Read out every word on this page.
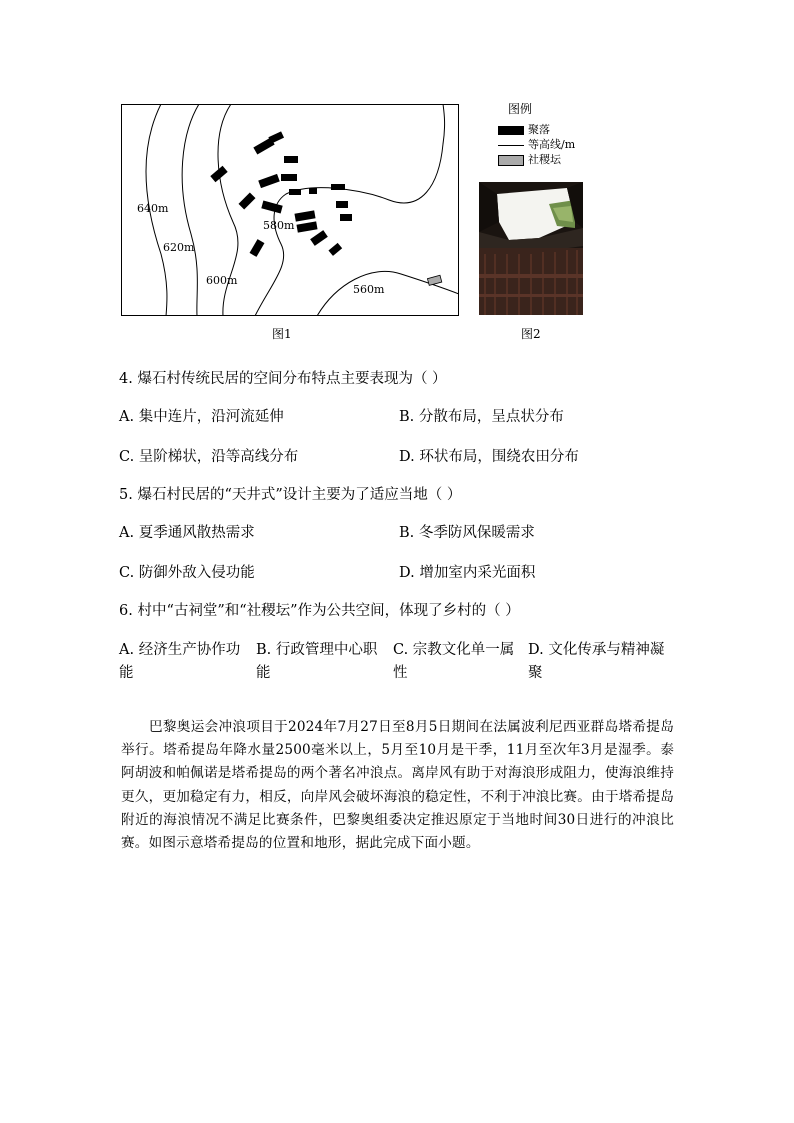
640m
620m
600m
580m
560m
图1
图例
聚落
等高线/m
社稷坛
图2
4. 爆石村传统民居的空间分布特点主要表现为（ ）
A. 集中连片，沿河流延伸	B. 分散布局，呈点状分布
C. 呈阶梯状，沿等高线分布	D. 环状布局，围绕农田分布
5. 爆石村民居的“天井式”设计主要为了适应当地（ ）
A. 夏季通风散热需求	B. 冬季防风保暖需求
C. 防御外敌入侵功能	D. 增加室内采光面积
6. 村中“古祠堂”和“社稷坛”作为公共空间，体现了乡村的（ ）
A. 经济生产协作功
能
B. 行政管理中心职
能
C. 宗教文化单一属
性
D. 文化传承与精神凝
聚
巴黎奥运会冲浪项目于2024年7月27日至8月5日期间在法属波利尼西亚群岛塔希提岛举行。塔希提岛年降水量2500毫米以上，5月至10月是干季，11月至次年3月是湿季。泰阿胡波和帕佩诺是塔希提岛的两个著名冲浪点。离岸风有助于对海浪形成阻力，使海浪维持更久，更加稳定有力，相反，向岸风会破坏海浪的稳定性，不利于冲浪比赛。由于塔希提岛附近的海浪情况不满足比赛条件，巴黎奥组委决定推迟原定于当地时间30日进行的冲浪比赛。如图示意塔希提岛的位置和地形，据此完成下面小题。
